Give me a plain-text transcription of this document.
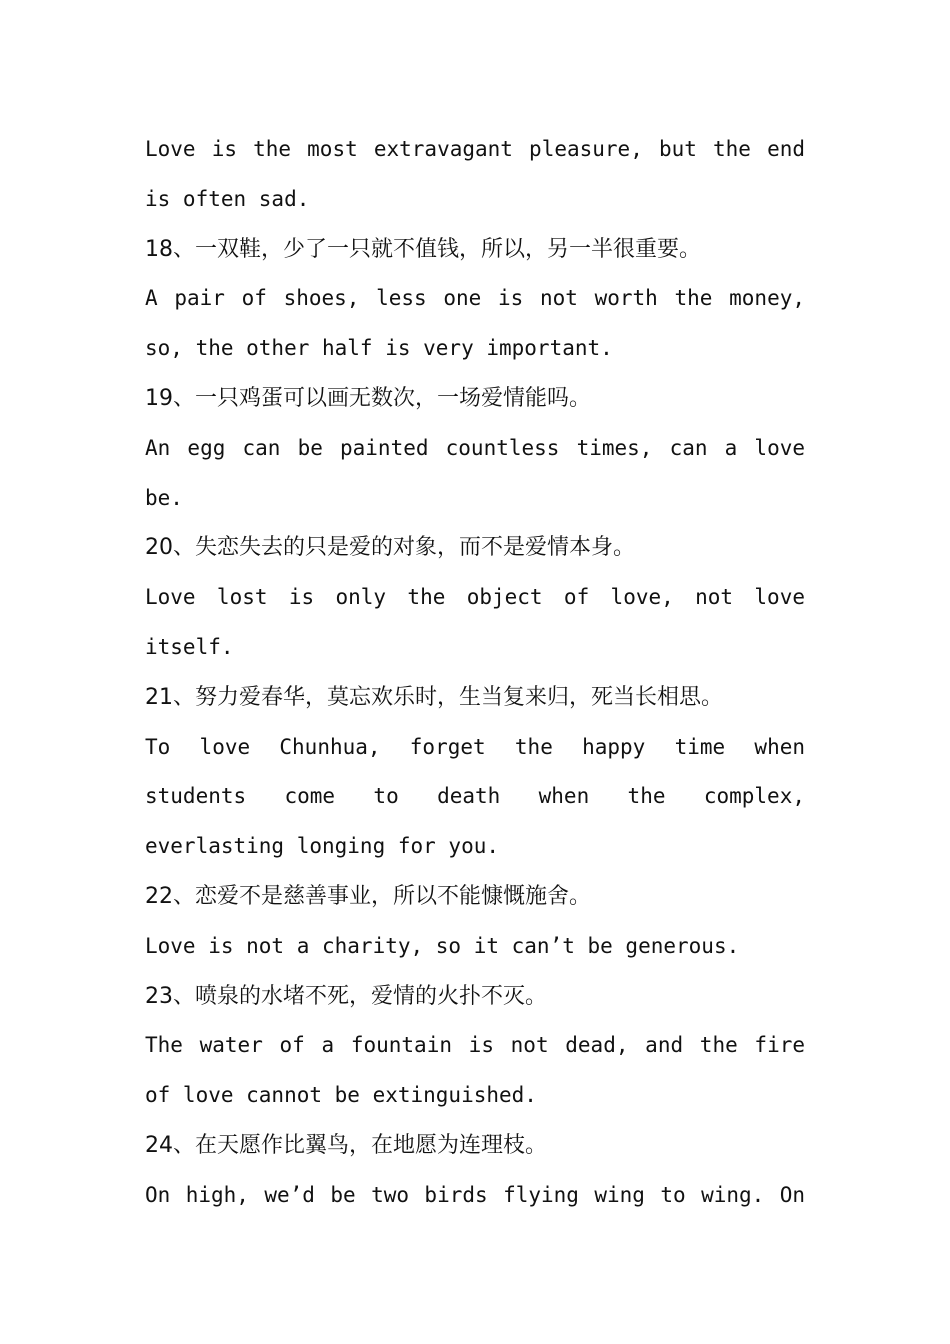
Love is the most extravagant pleasure, but the end
is often sad.
18、一双鞋，少了一只就不值钱，所以，另一半很重要。
A pair of shoes, less one is not worth the money,
so, the other half is very important.
19、一只鸡蛋可以画无数次，一场爱情能吗。
An egg can be painted countless times, can a love
be.
20、失恋失去的只是爱的对象，而不是爱情本身。
Love lost is only the object of love, not love
itself.
21、努力爱春华，莫忘欢乐时，生当复来归，死当长相思。
To love Chunhua, forget the happy time when
students come to death when the complex,
everlasting longing for you.
22、恋爱不是慈善事业，所以不能慷慨施舍。
Love is not a charity, so it can’t be generous.
23、喷泉的水堵不死，爱情的火扑不灭。
The water of a fountain is not dead, and the fire
of love cannot be extinguished.
24、在天愿作比翼鸟，在地愿为连理枝。
On high, we’d be two birds flying wing to wing. On
